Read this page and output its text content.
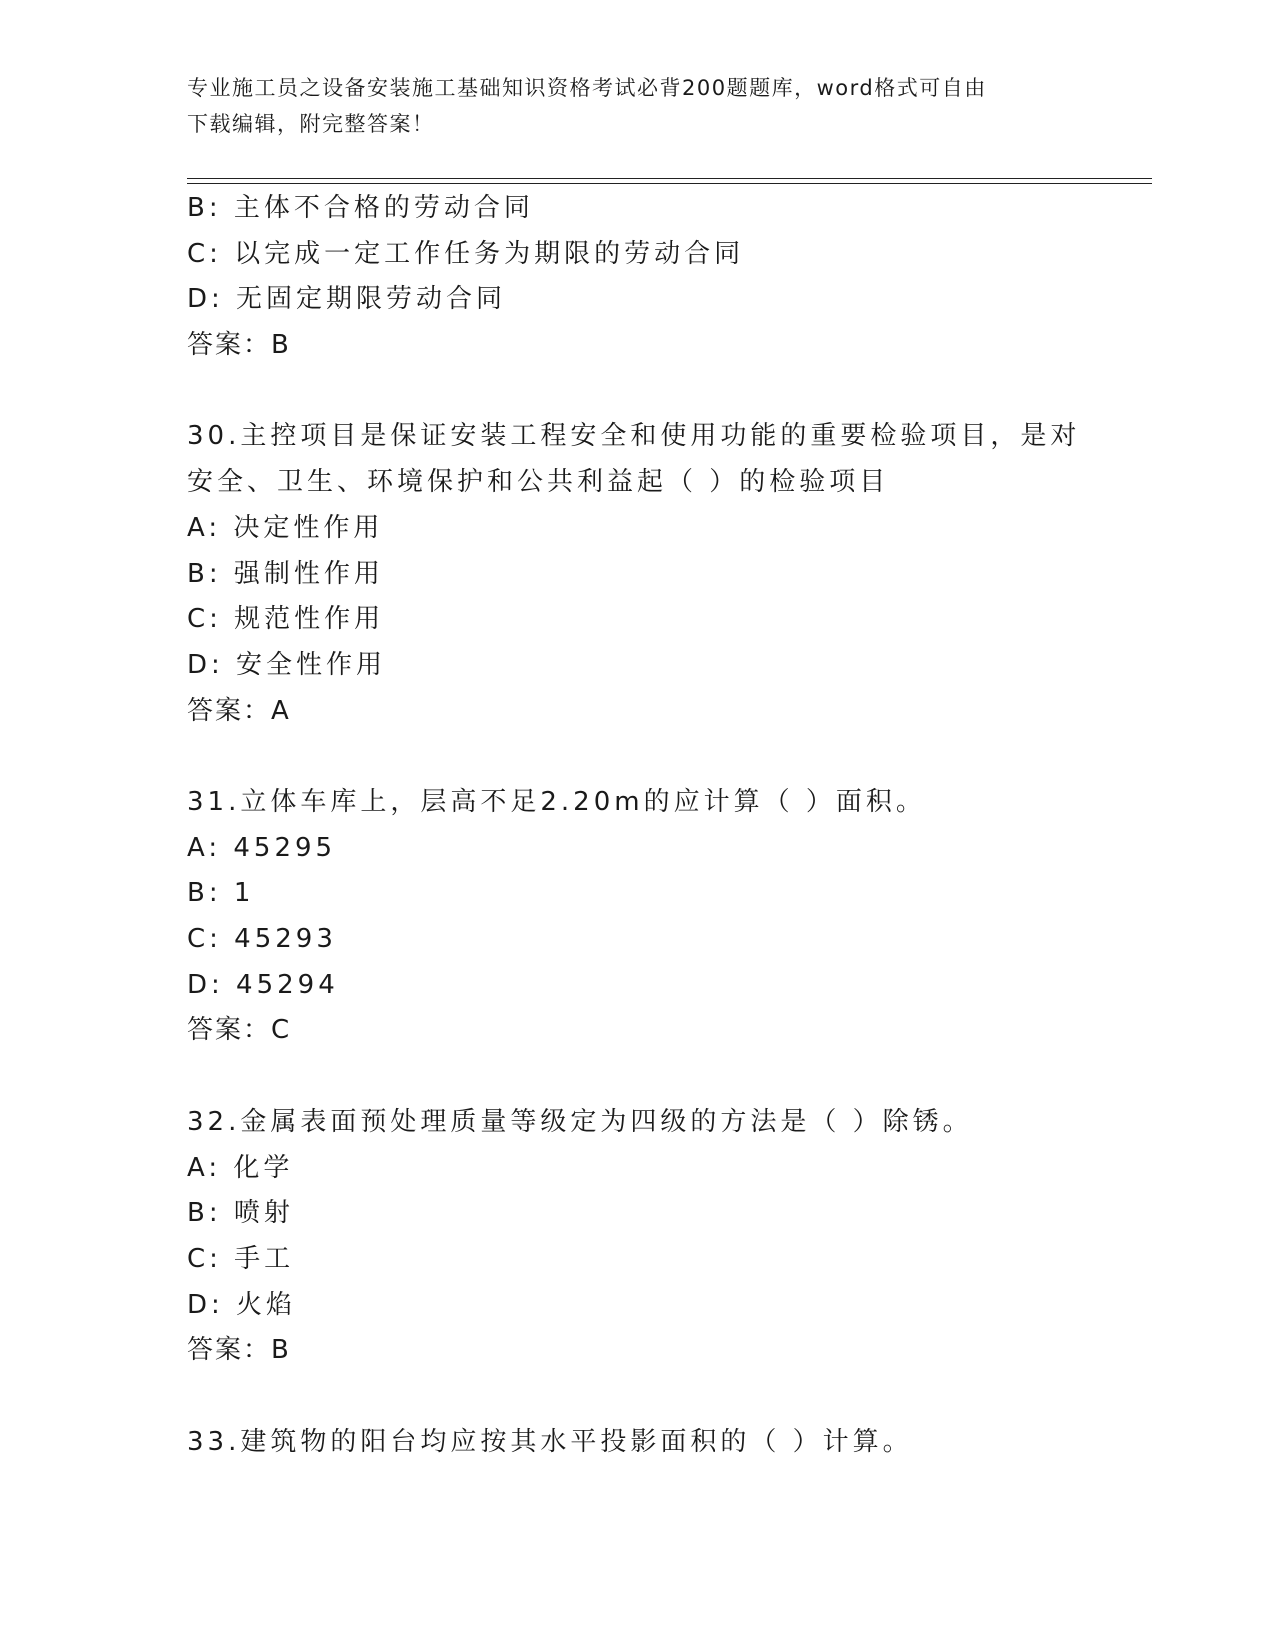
专业施工员之设备安装施工基础知识资格考试必背200题题库，word格式可自由
下载编辑，附完整答案！
B: 主体不合格的劳动合同
C: 以完成一定工作任务为期限的劳动合同
D: 无固定期限劳动合同
答案：B
30.主控项目是保证安装工程安全和使用功能的重要检验项目，是对安全、卫生、环境保护和公共利益起（ ）的检验项目
A: 决定性作用
B: 强制性作用
C: 规范性作用
D: 安全性作用
答案：A
31.立体车库上，层高不足2.20m的应计算（ ）面积。
A: 45295
B: 1
C: 45293
D: 45294
答案：C
32.金属表面预处理质量等级定为四级的方法是（ ）除锈。
A: 化学
B: 喷射
C: 手工
D: 火焰
答案：B
33.建筑物的阳台均应按其水平投影面积的（ ）计算。
